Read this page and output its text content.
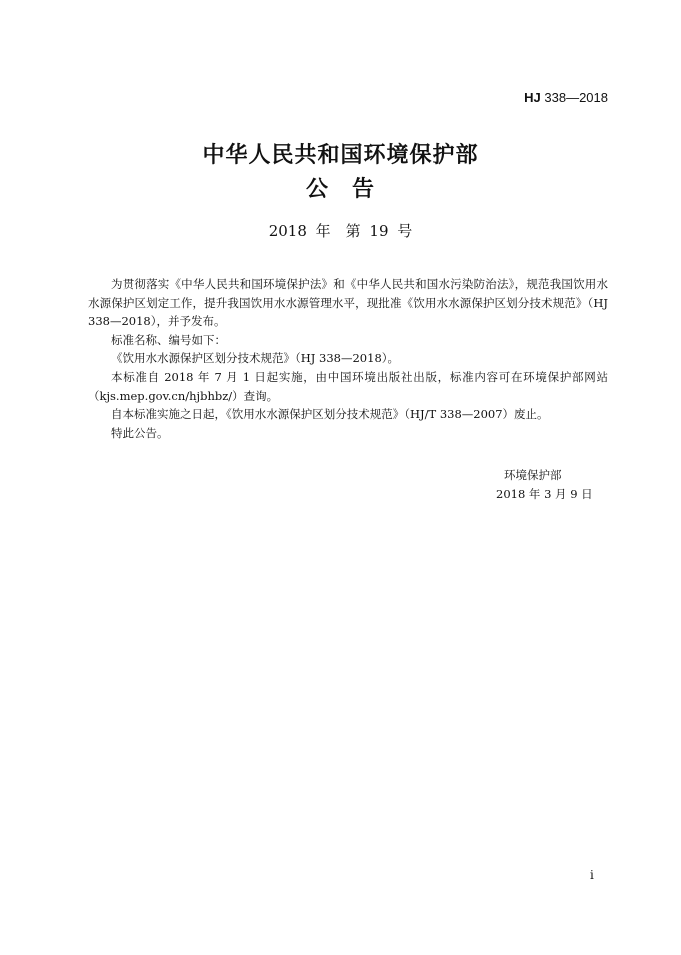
HJ 338—2018
中华人民共和国环境保护部
公　告
2018 年　第 19 号

为贯彻落实《中华人民共和国环境保护法》和《中华人民共和国水污染防治法》，规范我国饮用水水源保护区划定工作，提升我国饮用水水源管理水平，现批准《饮用水水源保护区划分技术规范》（HJ 338—2018），并予发布。

标准名称、编号如下：

《饮用水水源保护区划分技术规范》（HJ 338—2018）。

本标准自 2018 年 7 月 1 日起实施，由中国环境出版社出版，标准内容可在环境保护部网站（kjs.mep.gov.cn/hjbhbz/）查询。

自本标准实施之日起，《饮用水水源保护区划分技术规范》（HJ/T 338—2007）废止。

特此公告。

环境保护部
2018 年 3 月 9 日
i
